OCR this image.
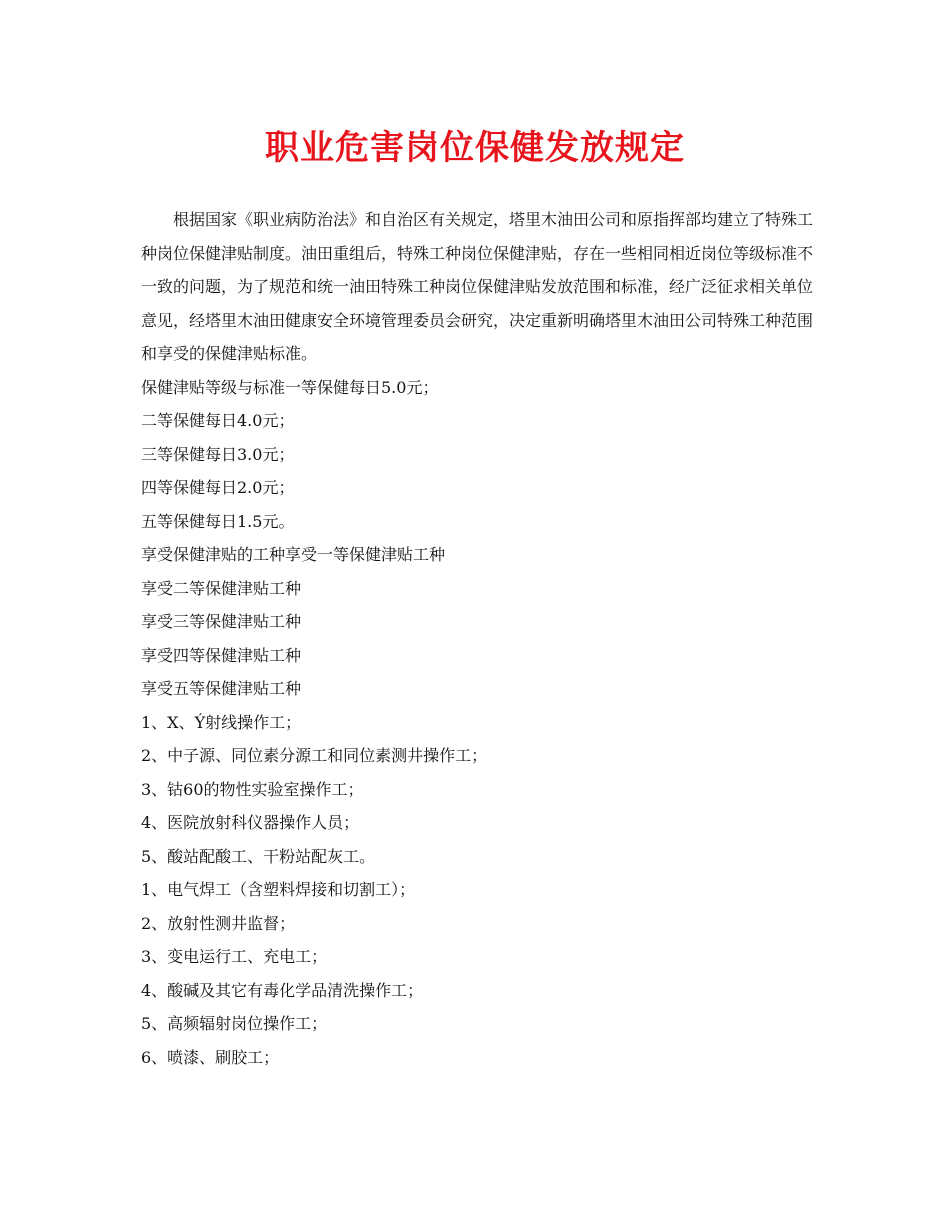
职业危害岗位保健发放规定

根据国家《职业病防治法》和自治区有关规定，塔里木油田公司和原指挥部均建立了特殊工种岗位保健津贴制度。油田重组后，特殊工种岗位保健津贴，存在一些相同相近岗位等级标准不一致的问题，为了规范和统一油田特殊工种岗位保健津贴发放范围和标准，经广泛征求相关单位意见，经塔里木油田健康安全环境管理委员会研究，决定重新明确塔里木油田公司特殊工种范围和享受的保健津贴标准。

保健津贴等级与标准一等保健每日5.0元；
二等保健每日4.0元；
三等保健每日3.0元；
四等保健每日2.0元；
五等保健每日1.5元。
享受保健津贴的工种享受一等保健津贴工种
享受二等保健津贴工种
享受三等保健津贴工种
享受四等保健津贴工种
享受五等保健津贴工种
1、X、Ý射线操作工；
2、中子源、同位素分源工和同位素测井操作工；
3、钴60的物性实验室操作工；
4、医院放射科仪器操作人员；
5、酸站配酸工、干粉站配灰工。
1、电气焊工（含塑料焊接和切割工）；
2、放射性测井监督；
3、变电运行工、充电工；
4、酸碱及其它有毒化学品清洗操作工；
5、高频辐射岗位操作工；
6、喷漆、刷胶工；
